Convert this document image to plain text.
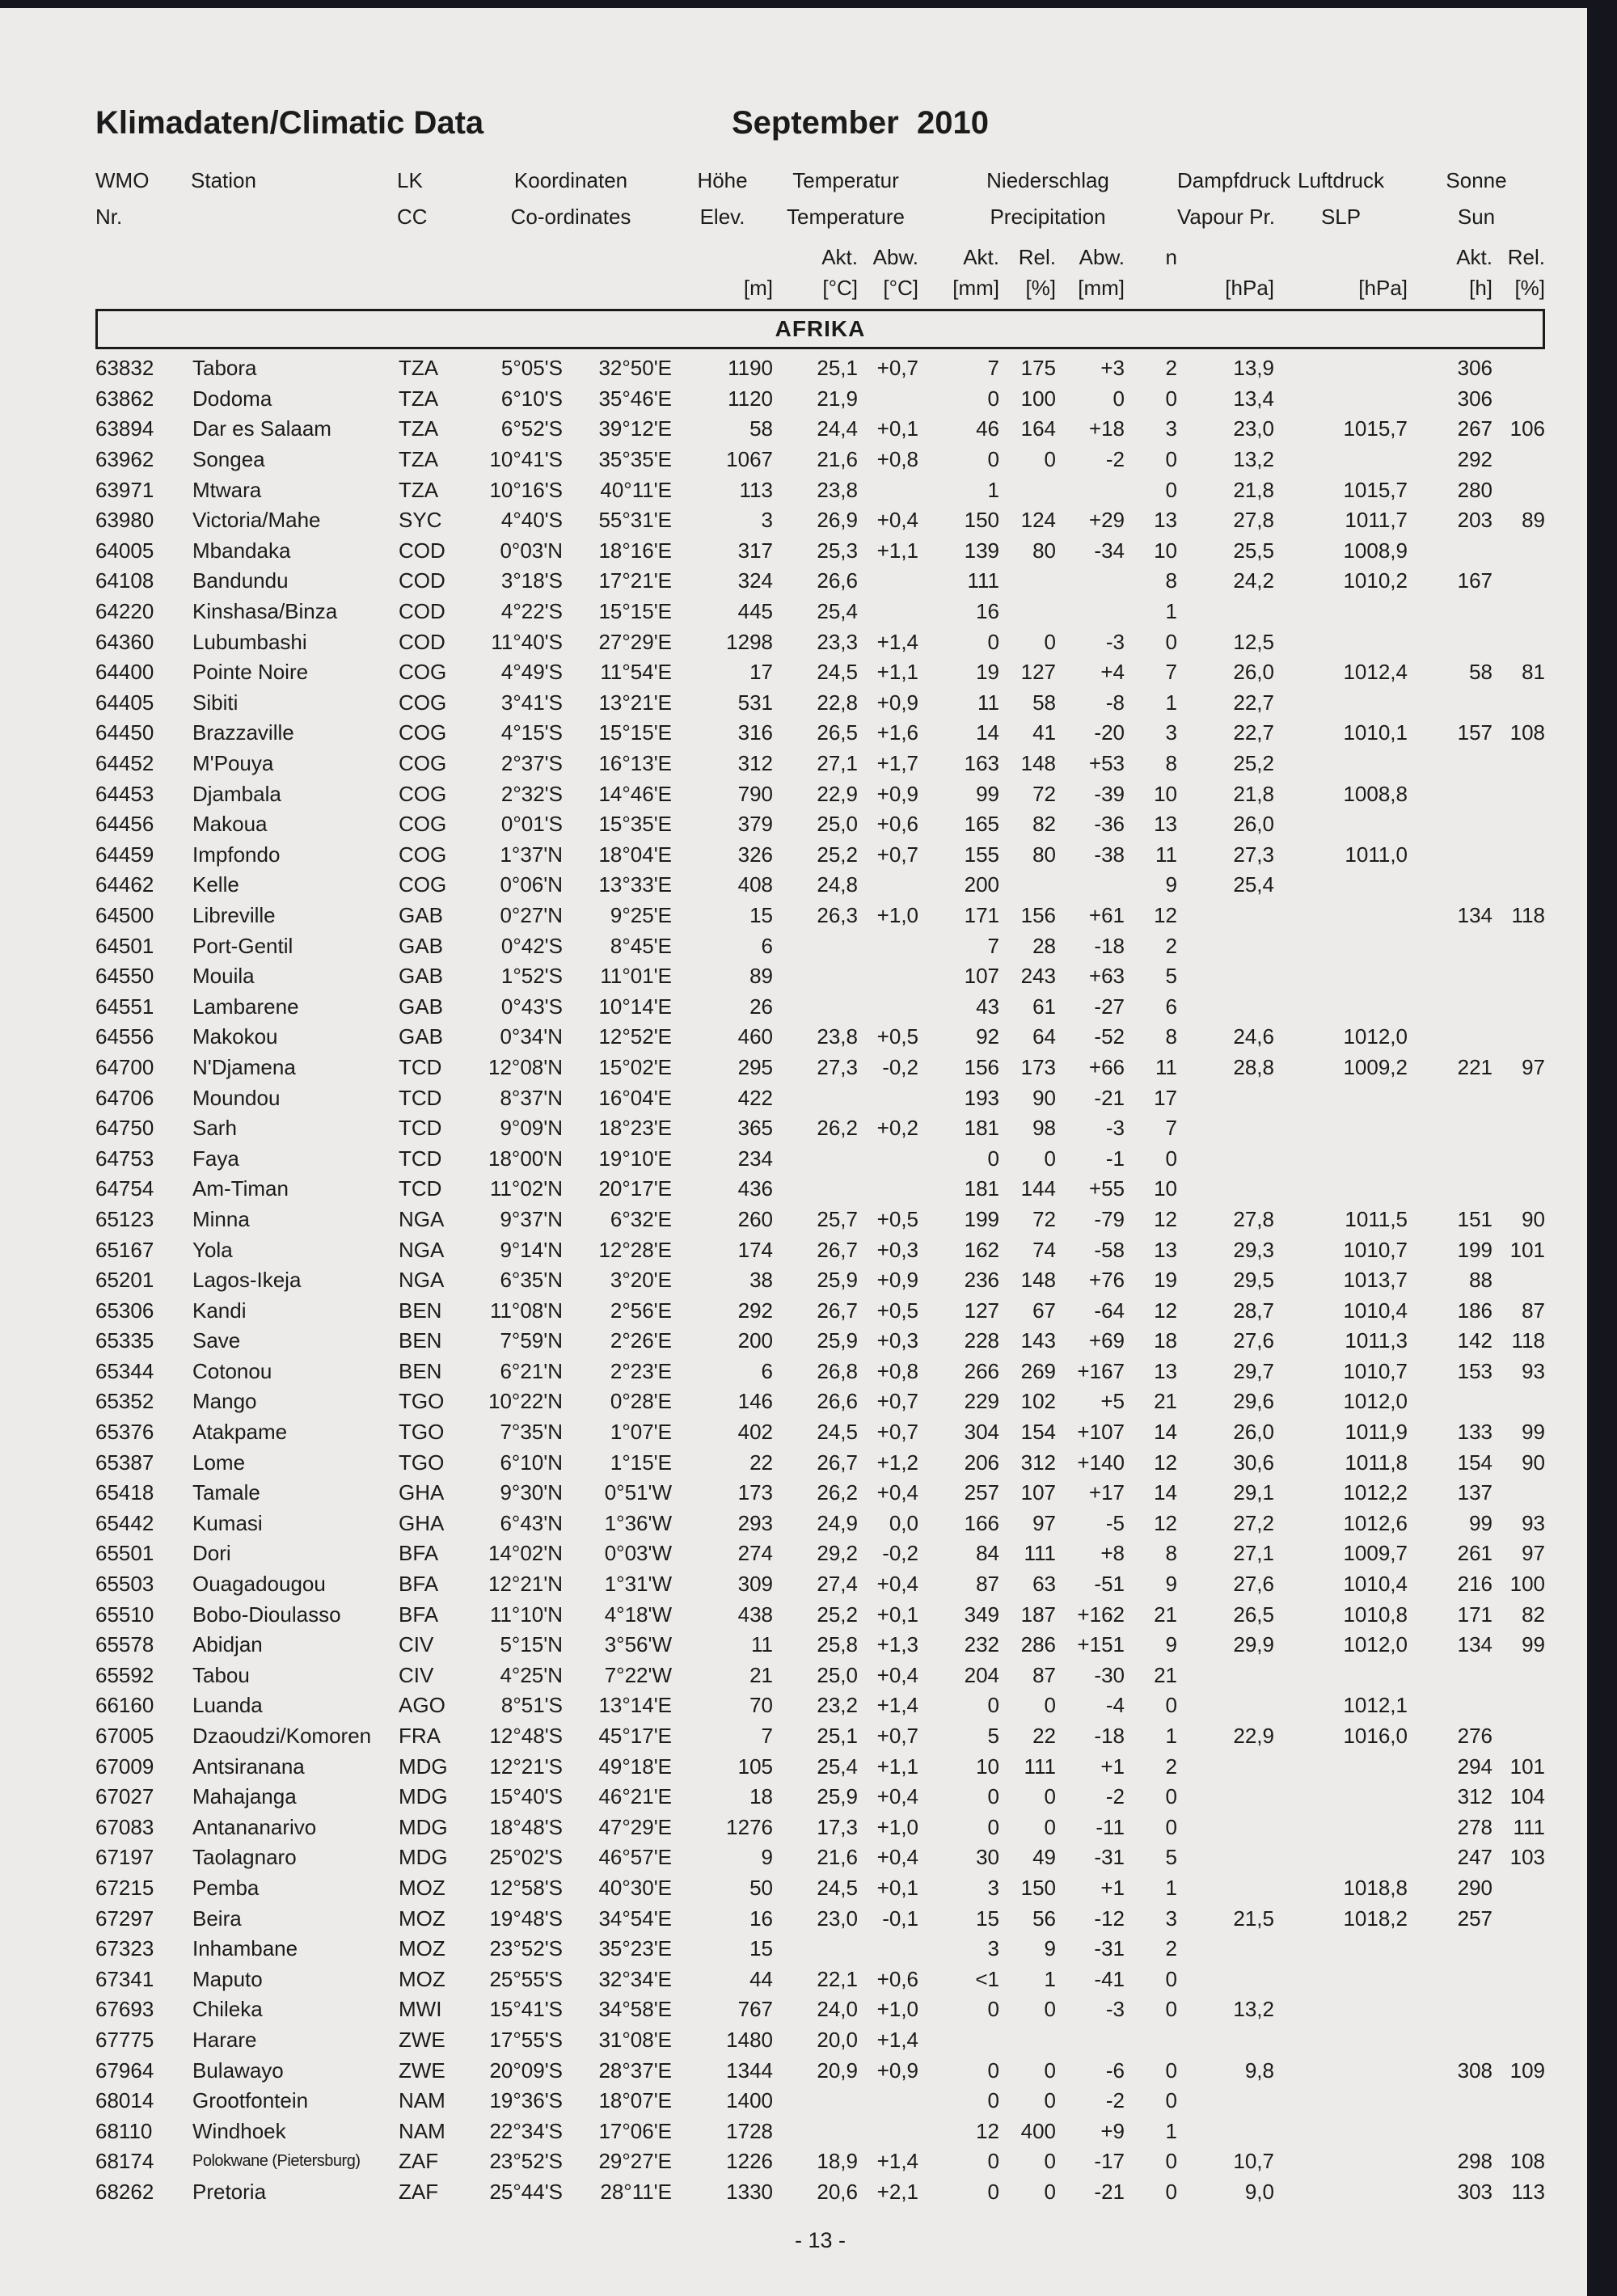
Klimadaten/Climatic Data	September  2010
WMO	Station	LK	Koordinaten		Höhe	Temperatur		Niederschlag				Dampfdruck	Luftdruck	Sonne	
Nr.		CC	Co-ordinates		Elev.	Temperature		Precipitation				Vapour Pr.	SLP	Sun	
						Akt.	Abw.	Akt.	Rel.	Abw.	n			Akt.	Rel.
					[m]	[°C]	[°C]	[mm]	[%]	[mm]		[hPa]	[hPa]	[h]	[%]
AFRIKA
63832	Tabora	TZA	5°05'S	32°50'E	1190	25,1	+0,7	7	175	+3	2	13,9		306	
63862	Dodoma	TZA	6°10'S	35°46'E	1120	21,9		0	100	0	0	13,4		306	
63894	Dar es Salaam	TZA	6°52'S	39°12'E	58	24,4	+0,1	46	164	+18	3	23,0	1015,7	267	106
63962	Songea	TZA	10°41'S	35°35'E	1067	21,6	+0,8	0	0	-2	0	13,2		292	
63971	Mtwara	TZA	10°16'S	40°11'E	113	23,8		1			0	21,8	1015,7	280	
63980	Victoria/Mahe	SYC	4°40'S	55°31'E	3	26,9	+0,4	150	124	+29	13	27,8	1011,7	203	89
64005	Mbandaka	COD	0°03'N	18°16'E	317	25,3	+1,1	139	80	-34	10	25,5	1008,9		
64108	Bandundu	COD	3°18'S	17°21'E	324	26,6		111			8	24,2	1010,2	167	
64220	Kinshasa/Binza	COD	4°22'S	15°15'E	445	25,4		16			1				
64360	Lubumbashi	COD	11°40'S	27°29'E	1298	23,3	+1,4	0	0	-3	0	12,5			
64400	Pointe Noire	COG	4°49'S	11°54'E	17	24,5	+1,1	19	127	+4	7	26,0	1012,4	58	81
64405	Sibiti	COG	3°41'S	13°21'E	531	22,8	+0,9	11	58	-8	1	22,7			
64450	Brazzaville	COG	4°15'S	15°15'E	316	26,5	+1,6	14	41	-20	3	22,7	1010,1	157	108
64452	M'Pouya	COG	2°37'S	16°13'E	312	27,1	+1,7	163	148	+53	8	25,2			
64453	Djambala	COG	2°32'S	14°46'E	790	22,9	+0,9	99	72	-39	10	21,8	1008,8		
64456	Makoua	COG	0°01'S	15°35'E	379	25,0	+0,6	165	82	-36	13	26,0			
64459	Impfondo	COG	1°37'N	18°04'E	326	25,2	+0,7	155	80	-38	11	27,3	1011,0		
64462	Kelle	COG	0°06'N	13°33'E	408	24,8		200			9	25,4			
64500	Libreville	GAB	0°27'N	9°25'E	15	26,3	+1,0	171	156	+61	12			134	118
64501	Port-Gentil	GAB	0°42'S	8°45'E	6			7	28	-18	2				
64550	Mouila	GAB	1°52'S	11°01'E	89			107	243	+63	5				
64551	Lambarene	GAB	0°43'S	10°14'E	26			43	61	-27	6				
64556	Makokou	GAB	0°34'N	12°52'E	460	23,8	+0,5	92	64	-52	8	24,6	1012,0		
64700	N'Djamena	TCD	12°08'N	15°02'E	295	27,3	-0,2	156	173	+66	11	28,8	1009,2	221	97
64706	Moundou	TCD	8°37'N	16°04'E	422			193	90	-21	17				
64750	Sarh	TCD	9°09'N	18°23'E	365	26,2	+0,2	181	98	-3	7				
64753	Faya	TCD	18°00'N	19°10'E	234			0	0	-1	0				
64754	Am-Timan	TCD	11°02'N	20°17'E	436			181	144	+55	10				
65123	Minna	NGA	9°37'N	6°32'E	260	25,7	+0,5	199	72	-79	12	27,8	1011,5	151	90
65167	Yola	NGA	9°14'N	12°28'E	174	26,7	+0,3	162	74	-58	13	29,3	1010,7	199	101
65201	Lagos-Ikeja	NGA	6°35'N	3°20'E	38	25,9	+0,9	236	148	+76	19	29,5	1013,7	88	
65306	Kandi	BEN	11°08'N	2°56'E	292	26,7	+0,5	127	67	-64	12	28,7	1010,4	186	87
65335	Save	BEN	7°59'N	2°26'E	200	25,9	+0,3	228	143	+69	18	27,6	1011,3	142	118
65344	Cotonou	BEN	6°21'N	2°23'E	6	26,8	+0,8	266	269	+167	13	29,7	1010,7	153	93
65352	Mango	TGO	10°22'N	0°28'E	146	26,6	+0,7	229	102	+5	21	29,6	1012,0		
65376	Atakpame	TGO	7°35'N	1°07'E	402	24,5	+0,7	304	154	+107	14	26,0	1011,9	133	99
65387	Lome	TGO	6°10'N	1°15'E	22	26,7	+1,2	206	312	+140	12	30,6	1011,8	154	90
65418	Tamale	GHA	9°30'N	0°51'W	173	26,2	+0,4	257	107	+17	14	29,1	1012,2	137	
65442	Kumasi	GHA	6°43'N	1°36'W	293	24,9	0,0	166	97	-5	12	27,2	1012,6	99	93
65501	Dori	BFA	14°02'N	0°03'W	274	29,2	-0,2	84	111	+8	8	27,1	1009,7	261	97
65503	Ouagadougou	BFA	12°21'N	1°31'W	309	27,4	+0,4	87	63	-51	9	27,6	1010,4	216	100
65510	Bobo-Dioulasso	BFA	11°10'N	4°18'W	438	25,2	+0,1	349	187	+162	21	26,5	1010,8	171	82
65578	Abidjan	CIV	5°15'N	3°56'W	11	25,8	+1,3	232	286	+151	9	29,9	1012,0	134	99
65592	Tabou	CIV	4°25'N	7°22'W	21	25,0	+0,4	204	87	-30	21				
66160	Luanda	AGO	8°51'S	13°14'E	70	23,2	+1,4	0	0	-4	0		1012,1		
67005	Dzaoudzi/Komoren	FRA	12°48'S	45°17'E	7	25,1	+0,7	5	22	-18	1	22,9	1016,0	276	
67009	Antsiranana	MDG	12°21'S	49°18'E	105	25,4	+1,1	10	111	+1	2			294	101
67027	Mahajanga	MDG	15°40'S	46°21'E	18	25,9	+0,4	0	0	-2	0			312	104
67083	Antananarivo	MDG	18°48'S	47°29'E	1276	17,3	+1,0	0	0	-11	0			278	111
67197	Taolagnaro	MDG	25°02'S	46°57'E	9	21,6	+0,4	30	49	-31	5			247	103
67215	Pemba	MOZ	12°58'S	40°30'E	50	24,5	+0,1	3	150	+1	1		1018,8	290	
67297	Beira	MOZ	19°48'S	34°54'E	16	23,0	-0,1	15	56	-12	3	21,5	1018,2	257	
67323	Inhambane	MOZ	23°52'S	35°23'E	15			3	9	-31	2				
67341	Maputo	MOZ	25°55'S	32°34'E	44	22,1	+0,6	<1	1	-41	0				
67693	Chileka	MWI	15°41'S	34°58'E	767	24,0	+1,0	0	0	-3	0	13,2			
67775	Harare	ZWE	17°55'S	31°08'E	1480	20,0	+1,4								
67964	Bulawayo	ZWE	20°09'S	28°37'E	1344	20,9	+0,9	0	0	-6	0	9,8		308	109
68014	Grootfontein	NAM	19°36'S	18°07'E	1400			0	0	-2	0				
68110	Windhoek	NAM	22°34'S	17°06'E	1728			12	400	+9	1				
68174	Polokwane (Pietersburg)	ZAF	23°52'S	29°27'E	1226	18,9	+1,4	0	0	-17	0	10,7		298	108
68262	Pretoria	ZAF	25°44'S	28°11'E	1330	20,6	+2,1	0	0	-21	0	9,0		303	113
- 13 -
